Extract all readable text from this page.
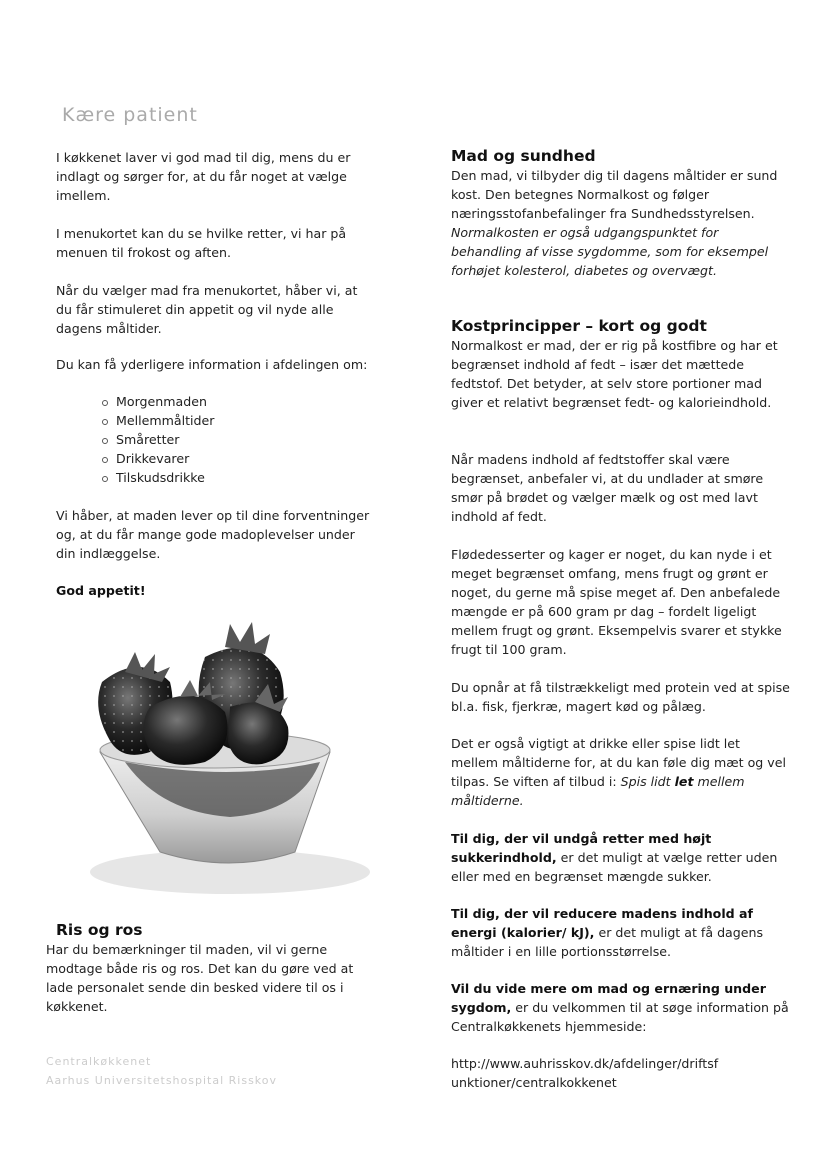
Kære patient

I køkkenet laver vi god mad til dig, mens du er indlagt og sørger for, at du får noget at vælge imellem.

I menukortet kan du se hvilke retter, vi har på menuen til frokost og aften.

Når du vælger mad fra menukortet, håber vi, at du får stimuleret din appetit og vil nyde alle dagens måltider.

Du kan få yderligere information i afdelingen om:

Morgenmaden
Mellemmåltider
Småretter
Drikkevarer
Tilskudsdrikke

Vi håber, at maden lever op til dine forventninger og, at du får mange gode madoplevelser under din indlæggelse.

God appetit!

Ris og ros

Har du bemærkninger til maden, vil vi gerne modtage både ris og ros. Det kan du gøre ved at lade personalet sende din besked videre til os i køkkenet.

Centralkøkkenet
Aarhus Universitetshospital Risskov
Mad og sundhed

Den mad, vi tilbyder dig til dagens måltider er sund kost. Den betegnes Normalkost og følger næringsstofanbefalinger fra Sundhedsstyrelsen.

Normalkosten er også udgangspunktet for behandling af visse sygdomme, som for eksempel forhøjet kolesterol, diabetes og overvægt.

Kostprincipper – kort og godt

Normalkost er mad, der er rig på kostfibre og har et begrænset indhold af fedt – især det mættede fedtstof. Det betyder, at selv store portioner mad giver et relativt begrænset fedt- og kalorieindhold.

Når madens indhold af fedtstoffer skal være begrænset, anbefaler vi, at du undlader at smøre smør på brødet og vælger mælk og ost med lavt indhold af fedt.

Flødedesserter og kager er noget, du kan nyde i et meget begrænset omfang, mens frugt og grønt er noget, du gerne må spise meget af. Den anbefalede mængde er på 600 gram pr dag – fordelt ligeligt mellem frugt og grønt. Eksempelvis svarer et stykke frugt til 100 gram.

Du opnår at få tilstrækkeligt med protein ved at spise bl.a. fisk, fjerkræ, magert kød og pålæg.

Det er også vigtigt at drikke eller spise lidt let mellem måltiderne for, at du kan føle dig mæt og vel tilpas. Se viften af tilbud i: Spis lidt let mellem måltiderne.

Til dig, der vil undgå retter med højt sukkerindhold, er det muligt at vælge retter uden eller med en begrænset mængde sukker.

Til dig, der vil reducere madens indhold af energi (kalorier/ kJ), er det muligt at få dagens måltider i en lille portionsstørrelse.

Vil du vide mere om mad og ernæring under sygdom, er du velkommen til at søge information på Centralkøkkenets hjemmeside:

http://www.auhrisskov.dk/afdelinger/driftsfunktioner/centralkokkenet
